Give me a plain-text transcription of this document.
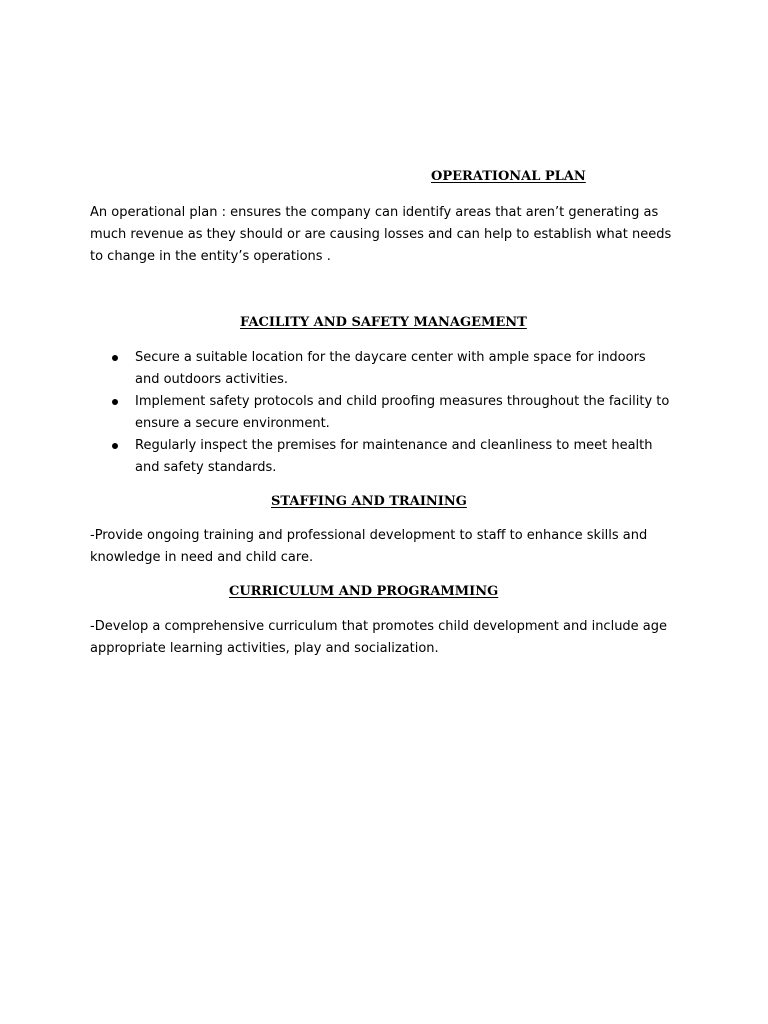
OPERATIONAL PLAN

An operational plan : ensures the company can identify areas that aren’t generating as much revenue as they should or are causing losses and can help to establish what needs to change in the entity’s operations .

FACILITY AND SAFETY MANAGEMENT
Secure a suitable location for the daycare center with ample space for indoors and outdoors activities.
Implement safety protocols and child proofing measures throughout the facility to ensure a secure environment.
Regularly inspect the premises for maintenance and cleanliness to meet health and safety standards.
STAFFING AND TRAINING

-Provide ongoing training and professional development to staff to enhance skills and knowledge in need and child care.

CURRICULUM AND PROGRAMMING

-Develop a comprehensive curriculum that promotes child development and include age appropriate learning activities, play and socialization.
